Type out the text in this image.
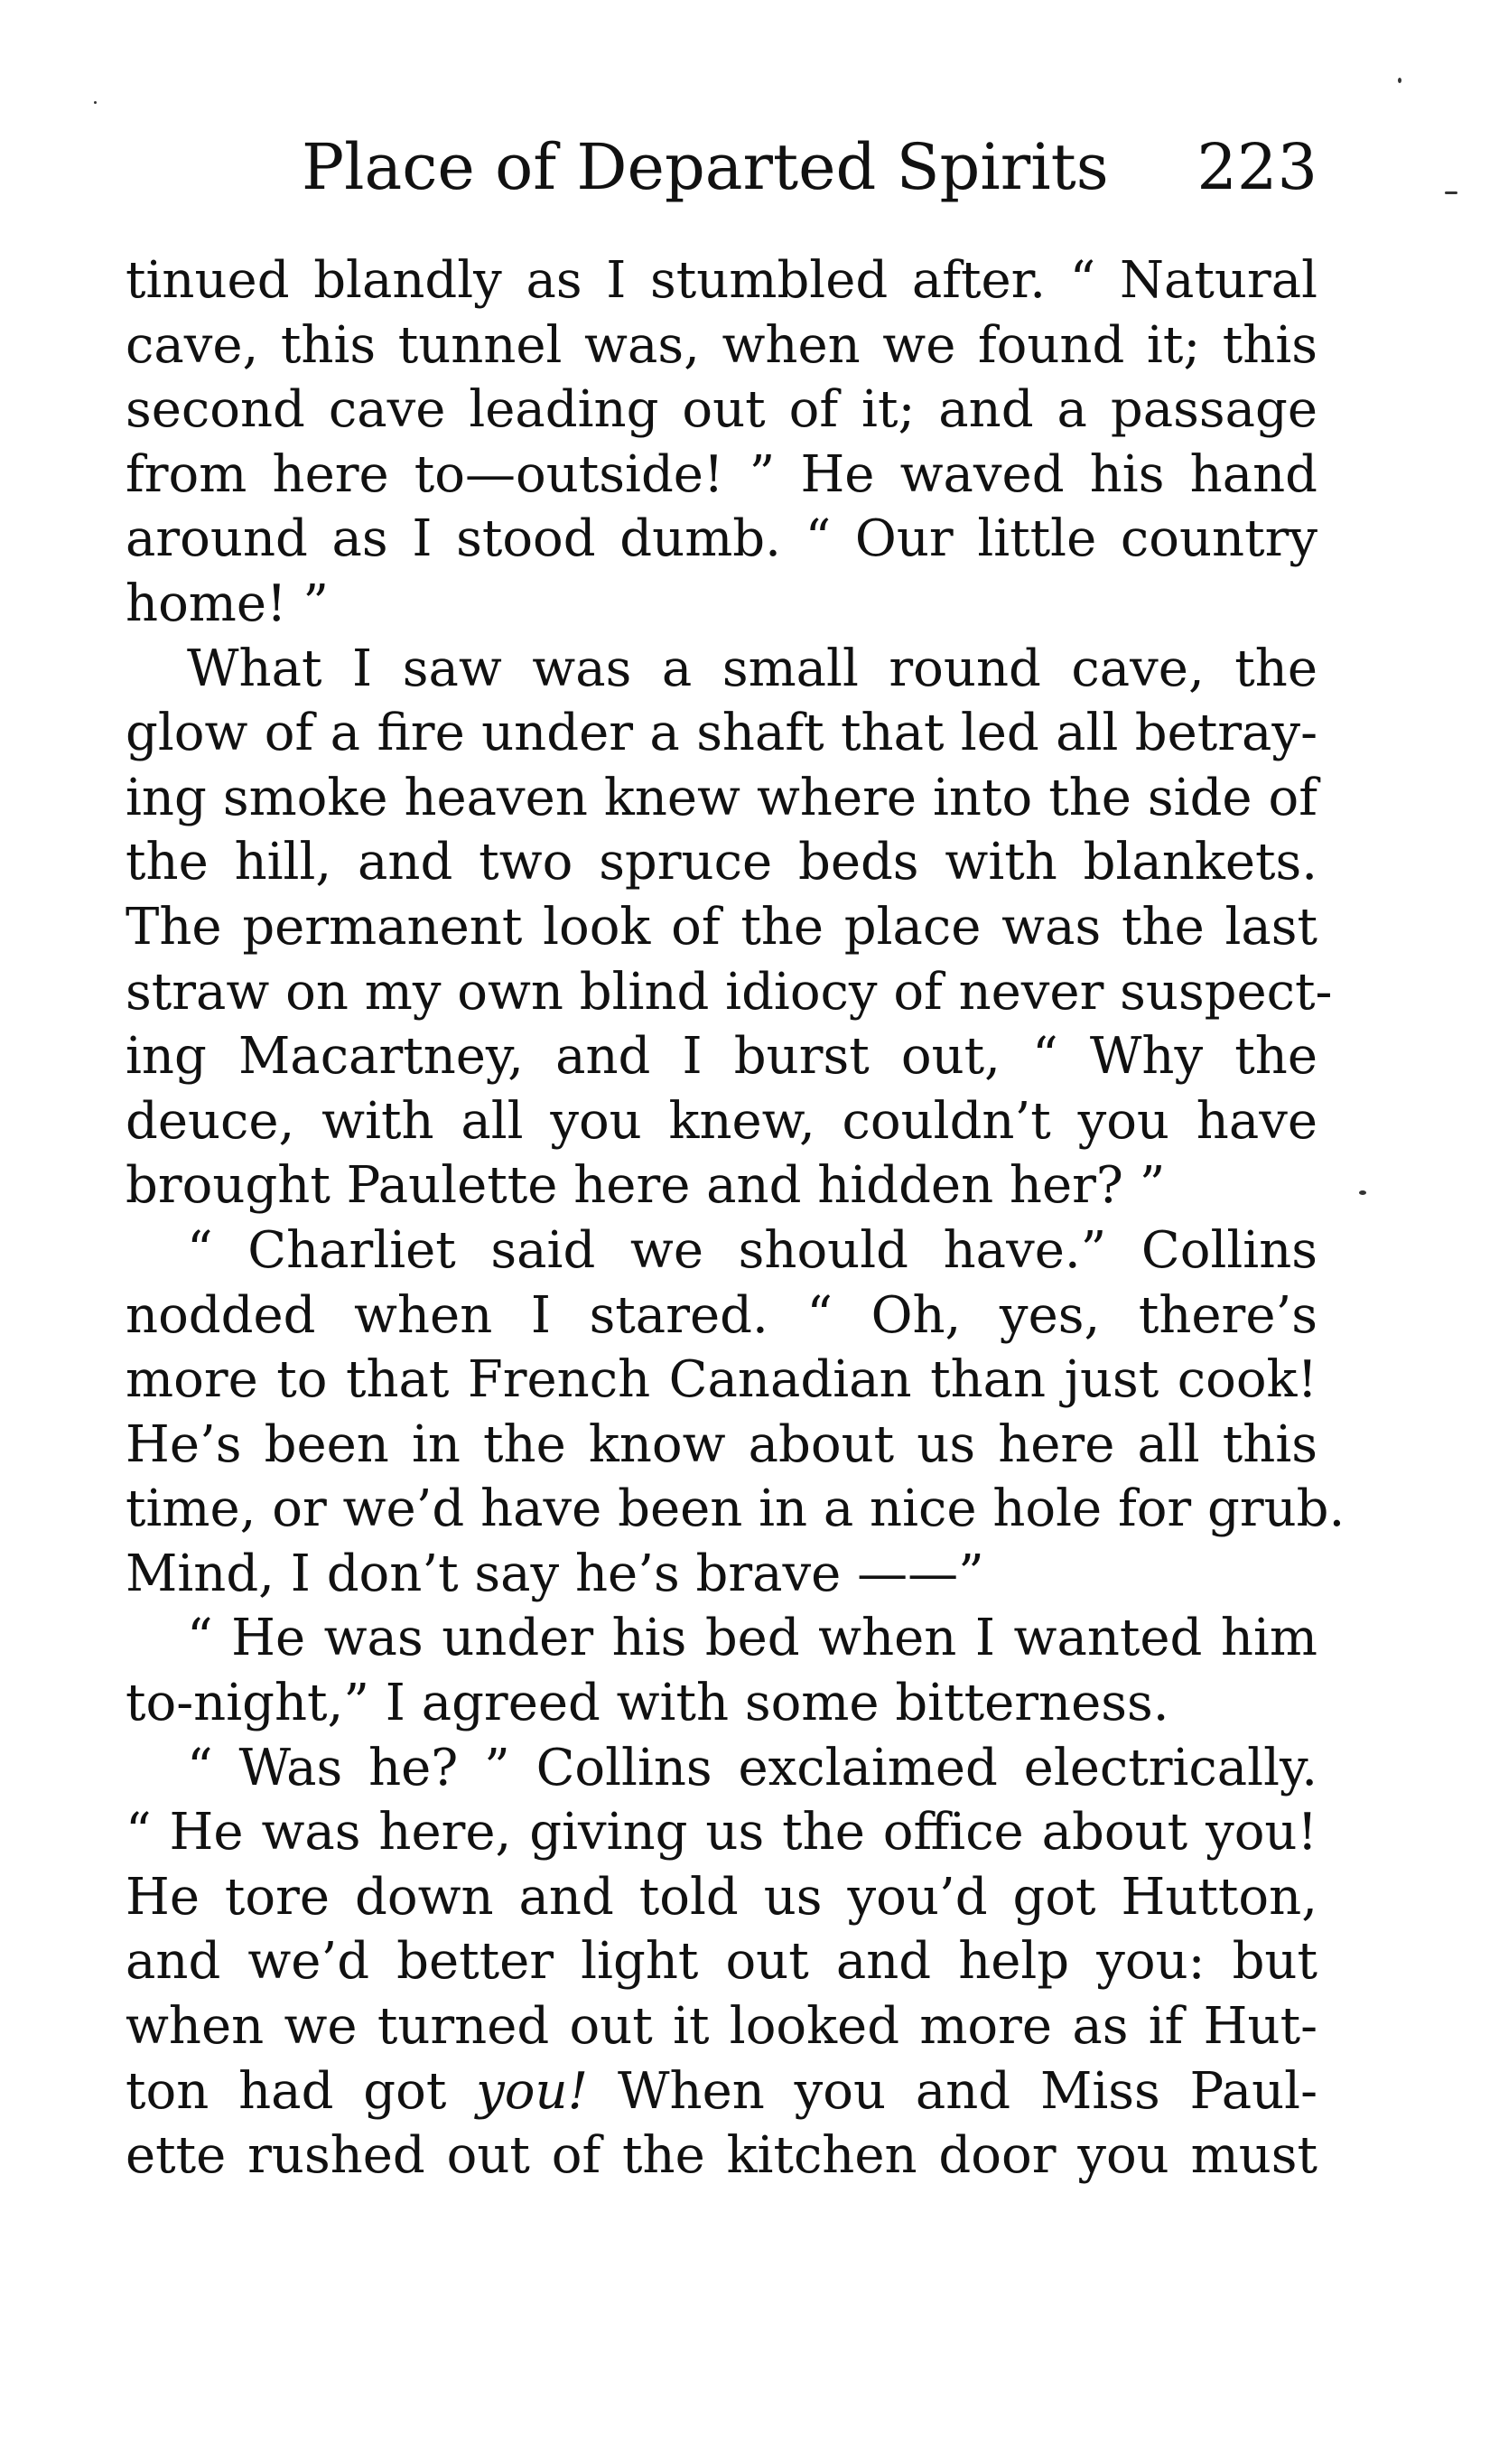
Place of Departed Spirits 223
tinued blandly as I stumbled after. “ Natural
cave, this tunnel was, when we found it; this
second cave leading out of it; and a passage
from here to—outside! ” He waved his hand
around as I stood dumb. “ Our little country
home! ”
What I saw was a small round cave, the
glow of a fire under a shaft that led all betray-
ing smoke heaven knew where into the side of
the hill, and two spruce beds with blankets.
The permanent look of the place was the last
straw on my own blind idiocy of never suspect-
ing Macartney, and I burst out, “ Why the
deuce, with all you knew, couldn’t you have
brought Paulette here and hidden her? ”
“ Charliet said we should have.” Collins
nodded when I stared. “ Oh, yes, there’s
more to that French Canadian than just cook!
He’s been in the know about us here all this
time, or we’d have been in a nice hole for grub.
Mind, I don’t say he’s brave ——”
“ He was under his bed when I wanted him
to-night,” I agreed with some bitterness.
“ Was he? ” Collins exclaimed electrically.
“ He was here, giving us the office about you!
He tore down and told us you’d got Hutton,
and we’d better light out and help you: but
when we turned out it looked more as if Hut-
ton had got you! When you and Miss Paul-
ette rushed out of the kitchen door you must
